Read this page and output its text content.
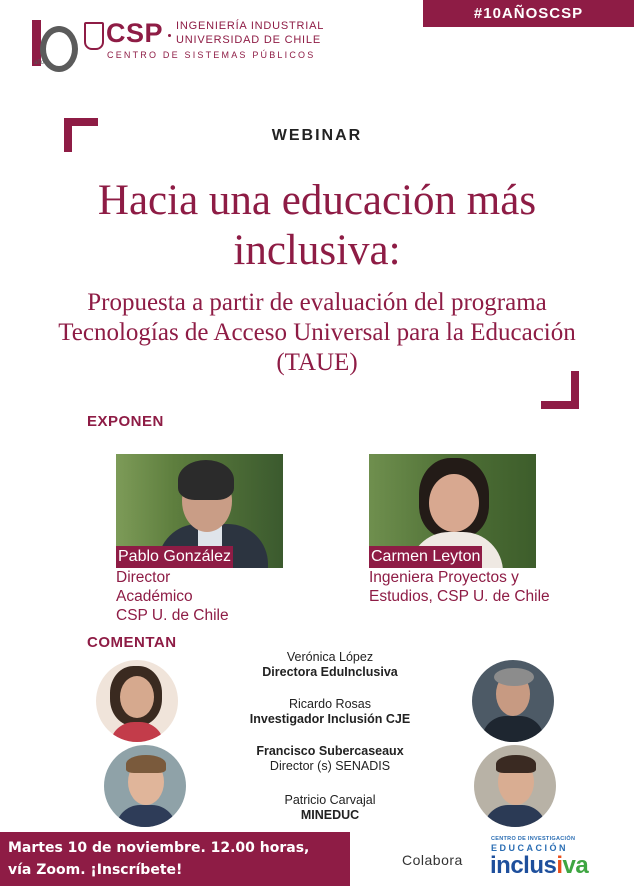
#10AÑOSCSP
años
CSP INGENIERÍA INDUSTRIAL
UNIVERSIDAD DE CHILE
CENTRO DE SISTEMAS PÚBLICOS
WEBINAR
Hacia una educación más inclusiva:
Propuesta a partir de evaluación del programa Tecnologías de Acceso Universal para la Educación (TAUE)
EXPONEN
Pablo González
Director
Académico
CSP U. de Chile
Carmen Leyton
Ingeniera Proyectos y
Estudios, CSP U. de Chile
COMENTAN
Verónica López
Directora EduInclusiva
Ricardo Rosas
Investigador Inclusión CJE
Francisco Subercaseaux
Director (s) SENADIS
Patricio Carvajal
MINEDUC
Martes 10 de noviembre. 12.00 horas,
vía Zoom. ¡Inscríbete!
Colabora
CENTRO DE INVESTIGACIÓN
EDUCACIÓN
inclusiva
